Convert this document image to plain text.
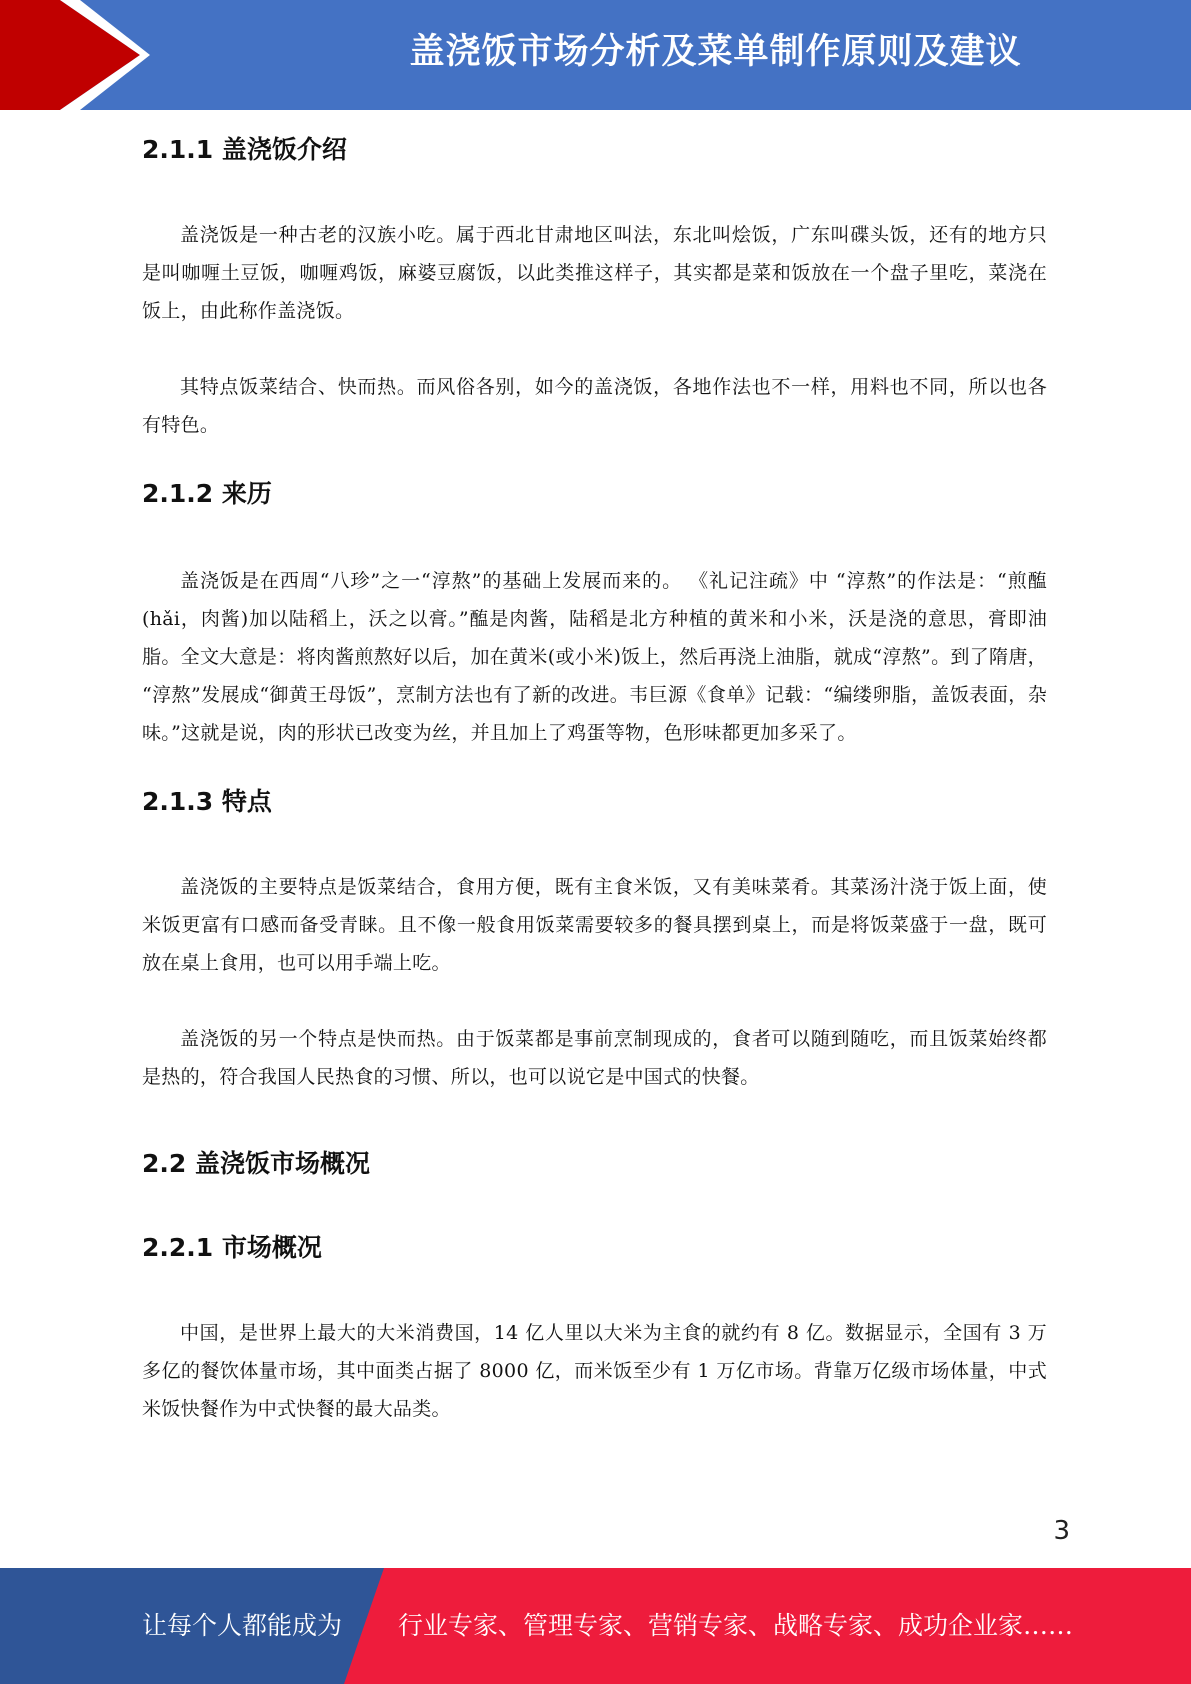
盖浇饭市场分析及菜单制作原则及建议
2.1.1 盖浇饭介绍

盖浇饭是一种古老的汉族小吃。属于西北甘肃地区叫法，东北叫烩饭，广东叫碟头饭，还有的地方只是叫咖喱土豆饭，咖喱鸡饭，麻婆豆腐饭，以此类推这样子，其实都是菜和饭放在一个盘子里吃，菜浇在饭上，由此称作盖浇饭。

其特点饭菜结合、快而热。而风俗各别，如今的盖浇饭，各地作法也不一样，用料也不同，所以也各有特色。

2.1.2 来历

盖浇饭是在西周“八珍”之一“淳熬”的基础上发展而来的。 《礼记注疏》中 “淳熬”的作法是：“煎醢(hǎi，肉酱)加以陆稻上，沃之以膏。”醢是肉酱，陆稻是北方种植的黄米和小米，沃是浇的意思，膏即油脂。全文大意是：将肉酱煎熬好以后，加在黄米(或小米)饭上，然后再浇上油脂，就成“淳熬”。到了隋唐， “淳熬”发展成“御黄王母饭”，烹制方法也有了新的改进。韦巨源《食单》记载：“编缕卵脂，盖饭表面，杂味。”这就是说，肉的形状已改变为丝，并且加上了鸡蛋等物，色形味都更加多采了。

2.1.3 特点

盖浇饭的主要特点是饭菜结合，食用方便，既有主食米饭，又有美味菜肴。其菜汤汁浇于饭上面，使米饭更富有口感而备受青睐。且不像一般食用饭菜需要较多的餐具摆到桌上，而是将饭菜盛于一盘，既可放在桌上食用，也可以用手端上吃。

盖浇饭的另一个特点是快而热。由于饭菜都是事前烹制现成的，食者可以随到随吃，而且饭菜始终都是热的，符合我国人民热食的习惯、所以，也可以说它是中国式的快餐。

2.2 盖浇饭市场概况
2.2.1 市场概况

中国，是世界上最大的大米消费国，14 亿人里以大米为主食的就约有 8 亿。数据显示，全国有 3 万多亿的餐饮体量市场，其中面类占据了 8000 亿，而米饭至少有 1 万亿市场。背靠万亿级市场体量，中式米饭快餐作为中式快餐的最大品类。

3
让每个人都能成为 行业专家、管理专家、营销专家、战略专家、成功企业家……
